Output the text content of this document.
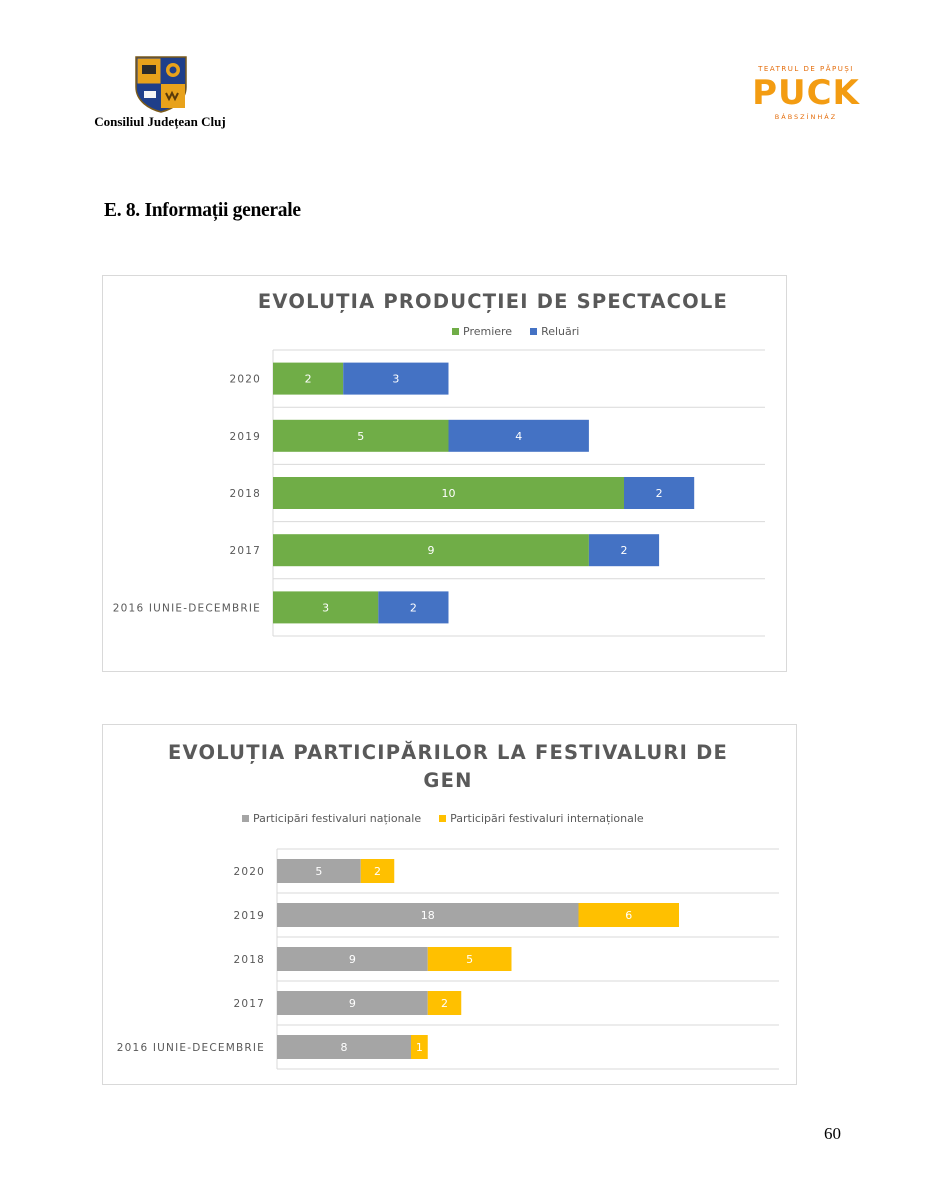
Consiliul Județean Cluj
TEATRUL DE PĂPUȘI
PUCK
BÁBSZÍNHÁZ
E. 8. Informații generale
EVOLUȚIA PRODUCȚIEI DE SPECTACOLE
Premiere	Reluări
2020	2	3
2019	5	4
2018	10	2
2017	9	2
2016 IUNIE-DECEMBRIE	3	2
EVOLUȚIA PARTICIPĂRILOR LA FESTIVALURI DE GEN
Participări festivaluri naționale	Participări festivaluri internaționale
2020	5	2
2019	18	6
2018	9	5
2017	9	2
2016 IUNIE-DECEMBRIE	8	1
60
